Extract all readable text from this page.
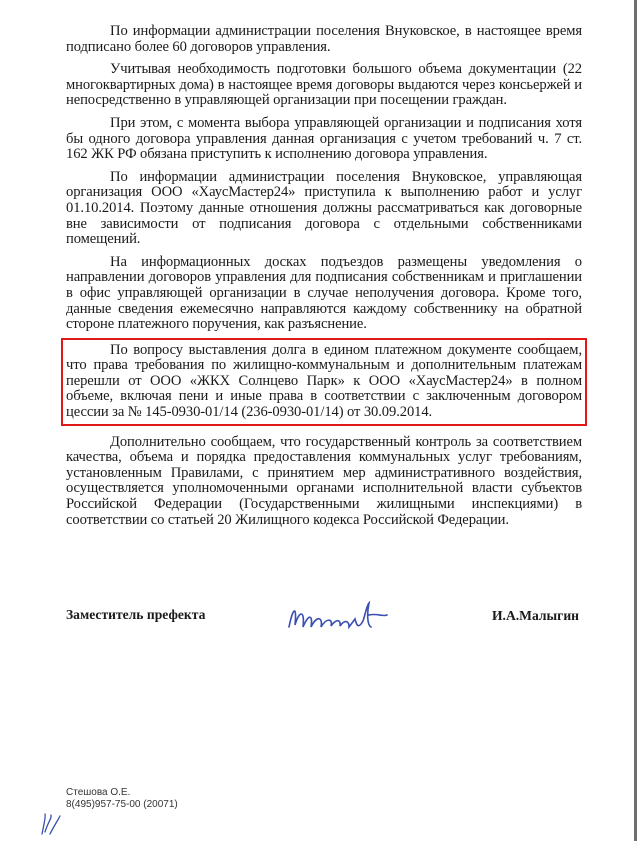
По информации администрации поселения Внуковское, в настоящее время подписано более 60 договоров управления.

Учитывая необходимость подготовки большого объема документации (22 многоквартирных дома) в настоящее время договоры выдаются через консьержей и непосредственно в управляющей организации при посещении граждан.

При этом, с момента выбора управляющей организации и подписания хотя бы одного договора управления данная организация с учетом требований ч. 7 ст. 162 ЖК РФ обязана приступить к исполнению договора управления.

По информации администрации поселения Внуковское, управляющая организация ООО «ХаусМастер24» приступила к выполнению работ и услуг 01.10.2014. Поэтому данные отношения должны рассматриваться как договорные вне зависимости от подписания договора с отдельными собственниками помещений.

На информационных досках подъездов размещены уведомления о направлении договоров управления для подписания собственникам и приглашении в офис управляющей организации в случае неполучения договора. Кроме того, данные сведения ежемесячно направляются каждому собственнику на обратной стороне платежного поручения, как разъяснение.

По вопросу выставления долга в едином платежном документе сообщаем, что права требования по жилищно-коммунальным и дополнительным платежам перешли от ООО «ЖКХ Солнцево Парк» к ООО «ХаусМастер24» в полном объеме, включая пени и иные права в соответствии с заключенным договором цессии за № 145-0930-01/14 (236-0930-01/14) от 30.09.2014.

Дополнительно сообщаем, что государственный контроль за соответствием качества, объема и порядка предоставления коммунальных услуг требованиям, установленным Правилами, с принятием мер административного воздействия, осуществляется уполномоченными органами исполнительной власти субъектов Российской Федерации (Государственными жилищными инспекциями) в соответствии со статьей 20 Жилищного кодекса Российской Федерации.

Заместитель префекта	И.А.Малыгин
Стешова О.Е.
8(495)957-75-00 (20071)
